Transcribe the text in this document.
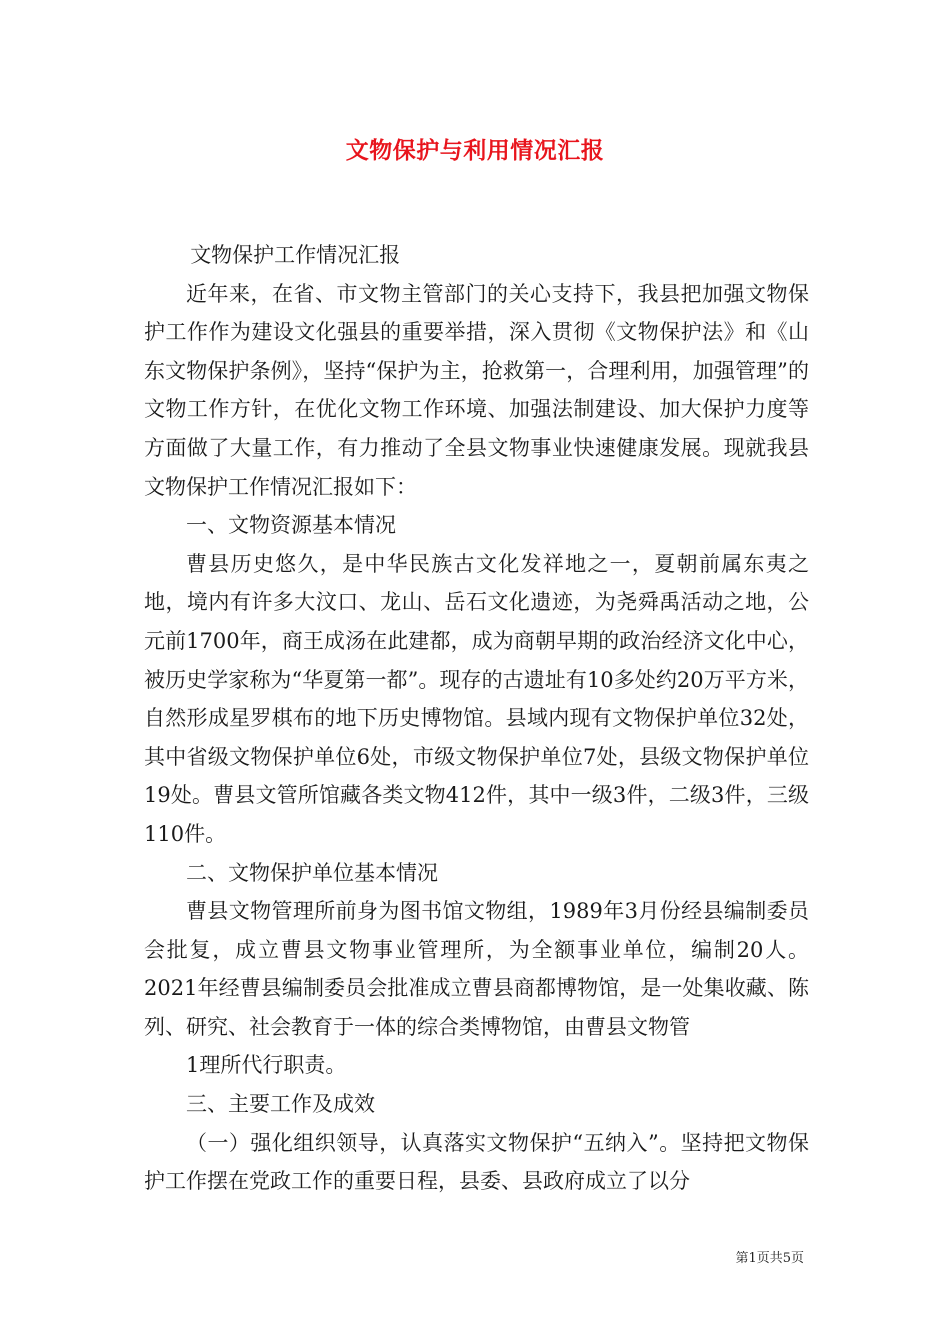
文物保护与利用情况汇报

文物保护工作情况汇报

近年来，在省、市文物主管部门的关心支持下，我县把加强文物保护工作作为建设文化强县的重要举措，深入贯彻《文物保护法》和《山东文物保护条例》，坚持“保护为主，抢救第一，合理利用，加强管理”的文物工作方针，在优化文物工作环境、加强法制建设、加大保护力度等方面做了大量工作，有力推动了全县文物事业快速健康发展。现就我县文物保护工作情况汇报如下：

一、文物资源基本情况

曹县历史悠久，是中华民族古文化发祥地之一，夏朝前属东夷之地，境内有许多大汶口、龙山、岳石文化遗迹，为尧舜禹活动之地，公元前1700年，商王成汤在此建都，成为商朝早期的政治经济文化中心，被历史学家称为“华夏第一都”。现存的古遗址有10多处约20万平方米，自然形成星罗棋布的地下历史博物馆。县域内现有文物保护单位32处，其中省级文物保护单位6处，市级文物保护单位7处，县级文物保护单位19处。曹县文管所馆藏各类文物412件，其中一级3件，二级3件，三级110件。

二、文物保护单位基本情况

曹县文物管理所前身为图书馆文物组，1989年3月份经县编制委员会批复，成立曹县文物事业管理所，为全额事业单位，编制20人。2021年经曹县编制委员会批准成立曹县商都博物馆，是一处集收藏、陈列、研究、社会教育于一体的综合类博物馆，由曹县文物管

1理所代行职责。

三、主要工作及成效

（一）强化组织领导，认真落实文物保护“五纳入”。坚持把文物保护工作摆在党政工作的重要日程，县委、县政府成立了以分

第1页共5页
